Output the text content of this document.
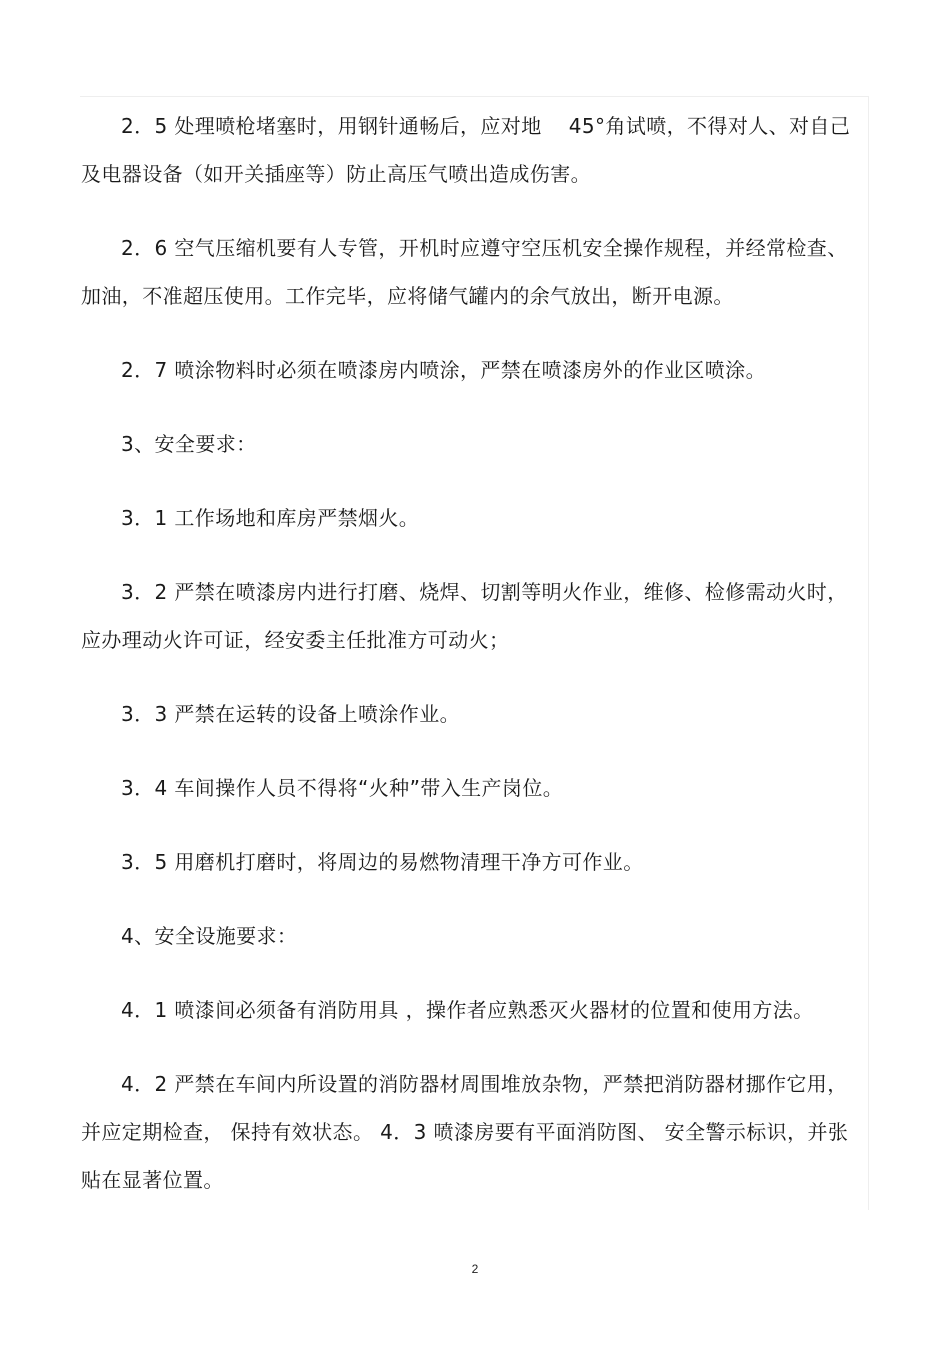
2．5 处理喷枪堵塞时，用钢针通畅后，应对地　 45°角试喷，不得对人、对自己及电器设备（如开关插座等）防止高压气喷出造成伤害。

2．6 空气压缩机要有人专管，开机时应遵守空压机安全操作规程，并经常检查、加油，不准超压使用。工作完毕，应将储气罐内的余气放出，断开电源。

2．7 喷涂物料时必须在喷漆房内喷涂，严禁在喷漆房外的作业区喷涂。

3、安全要求：

3．1 工作场地和库房严禁烟火。

3．2 严禁在喷漆房内进行打磨、烧焊、切割等明火作业，维修、检修需动火时，应办理动火许可证，经安委主任批准方可动火；

3．3 严禁在运转的设备上喷涂作业。

3．4 车间操作人员不得将“火种”带入生产岗位。

3．5 用磨机打磨时，将周边的易燃物清理干净方可作业。

4、安全设施要求：

4．1 喷漆间必须备有消防用具 ，操作者应熟悉灭火器材的位置和使用方法。

4．2 严禁在车间内所设置的消防器材周围堆放杂物，严禁把消防器材挪作它用，并应定期检查， 保持有效状态。 4．3 喷漆房要有平面消防图、 安全警示标识，并张贴在显著位置。

2
